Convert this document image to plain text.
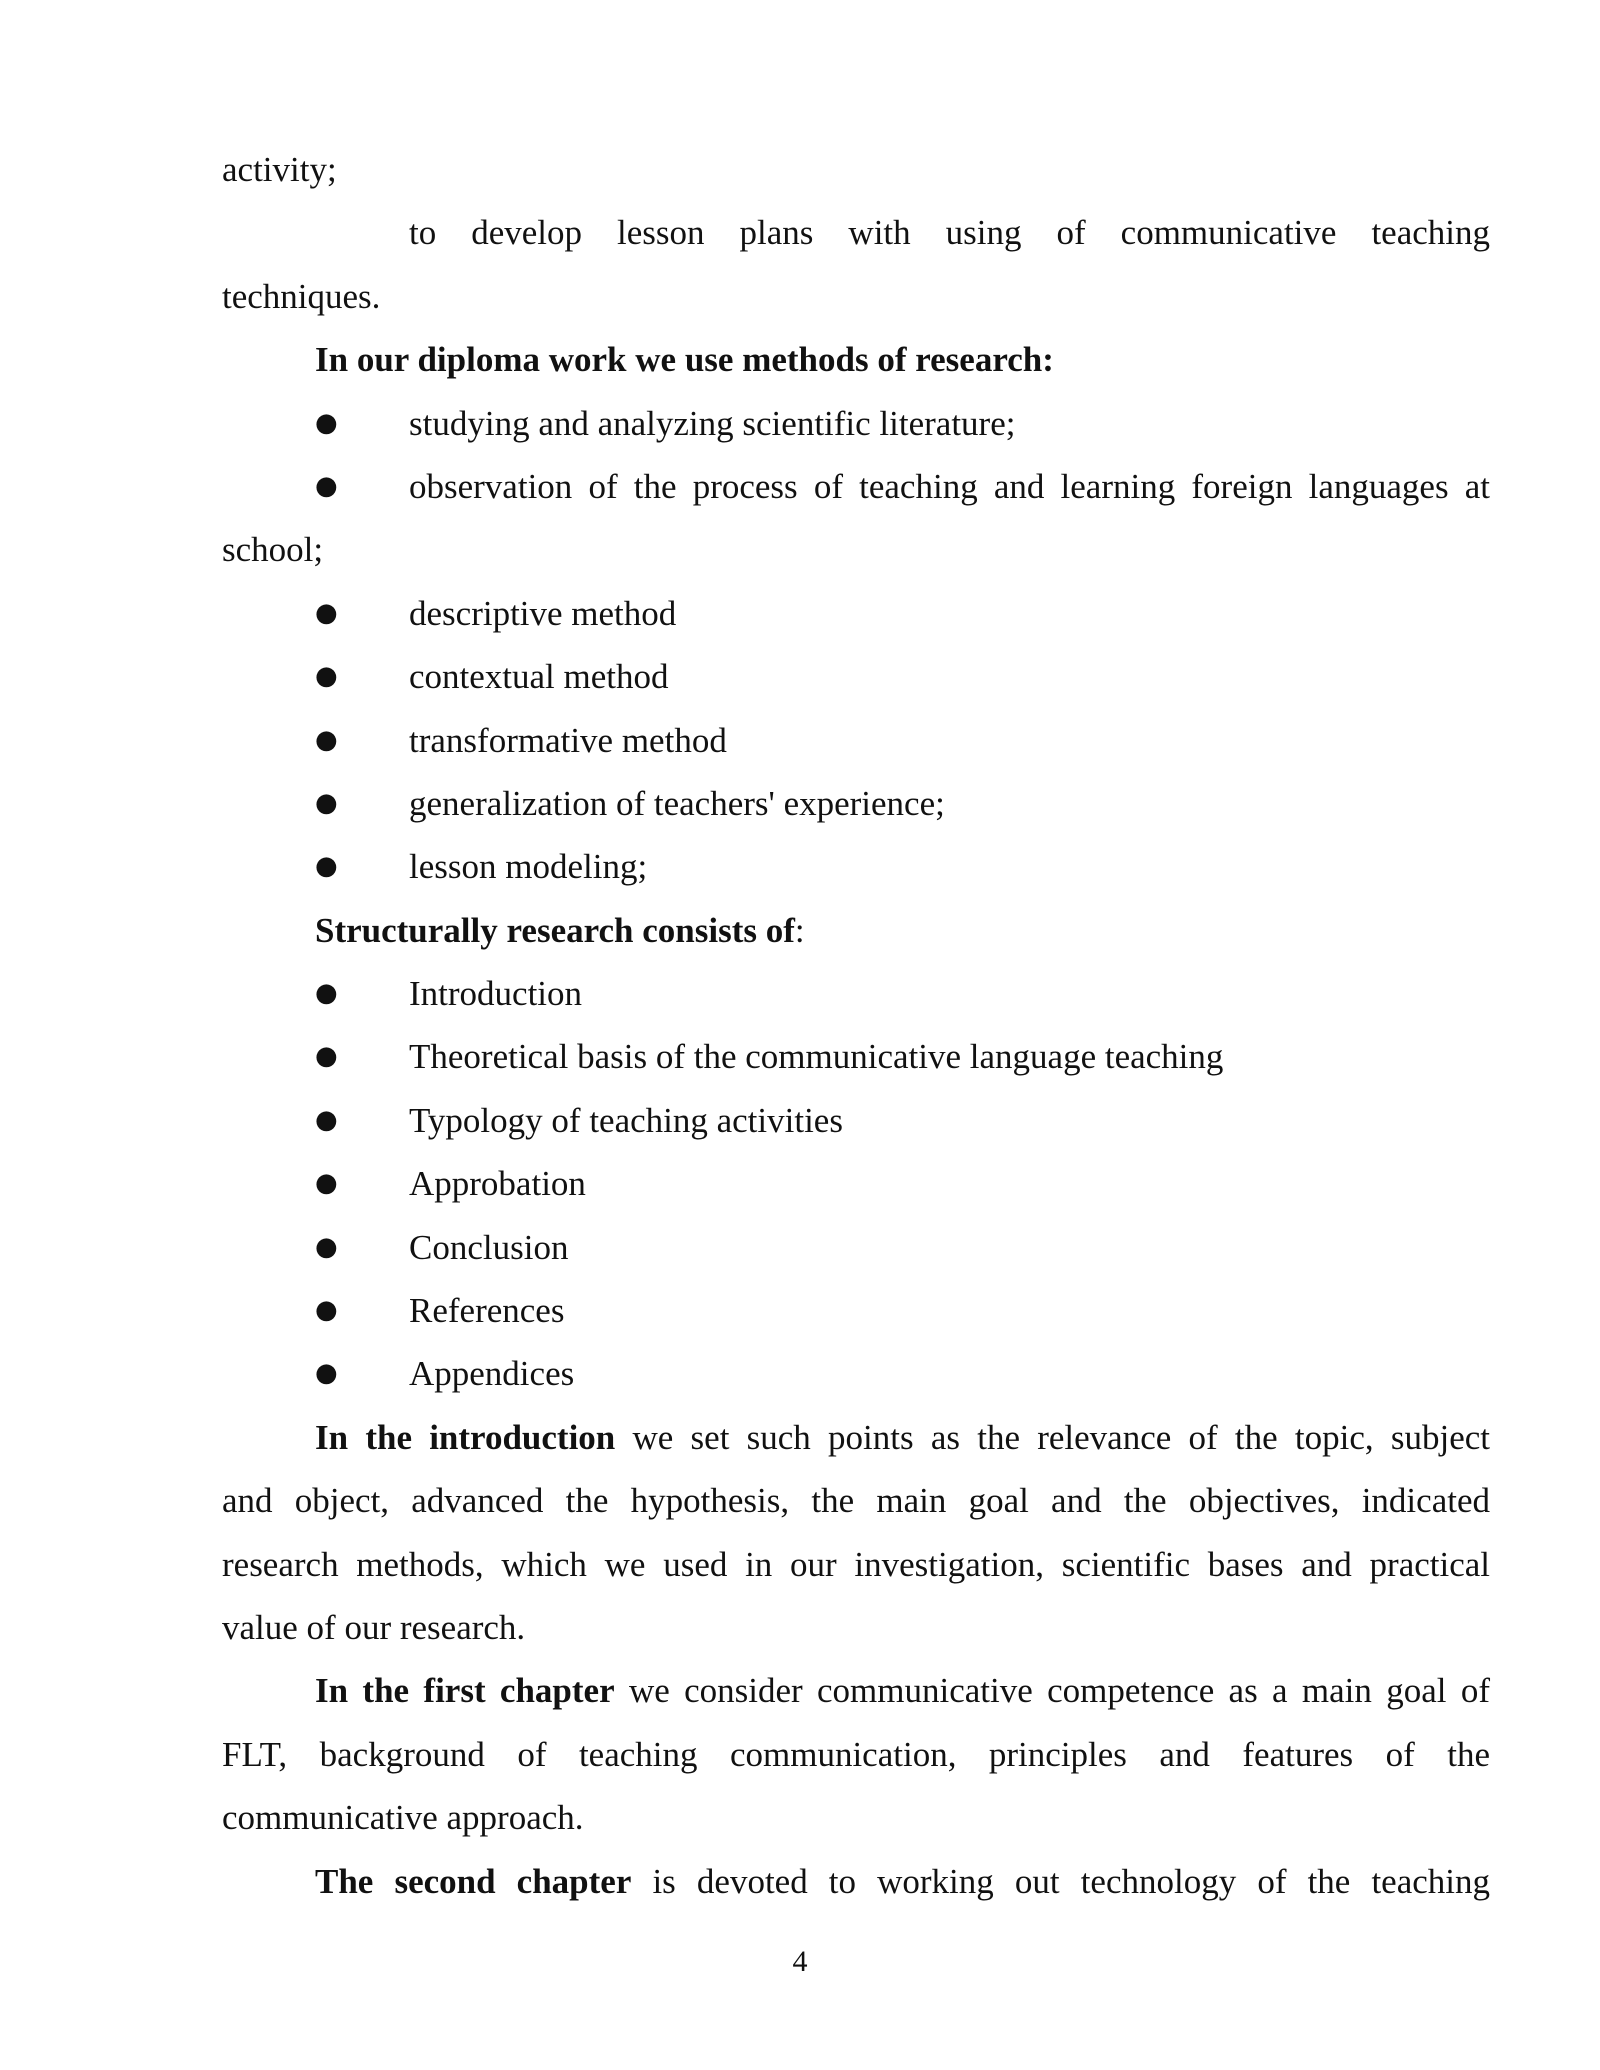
activity;
to develop lesson plans with using of communicative teaching
techniques.
In our diploma work we use methods of research:
● studying and analyzing scientific literature;
● observation of the process of teaching and learning foreign languages at
school;
● descriptive method
● contextual method
● transformative method
● generalization of teachers' experience;
● lesson modeling;
Structurally research consists of:
● Introduction
● Theoretical basis of the communicative language teaching
● Typology of teaching activities
● Approbation
● Conclusion
● References
● Appendices
In the introduction we set such points as the relevance of the topic, subject
and object, advanced the hypothesis, the main goal and the objectives, indicated
research methods, which we used in our investigation, scientific bases and practical
value of our research.
In the first chapter we consider communicative competence as a main goal of
FLT, background of teaching communication, principles and features of the
communicative approach.
The second chapter is devoted to working out technology of the teaching
4
